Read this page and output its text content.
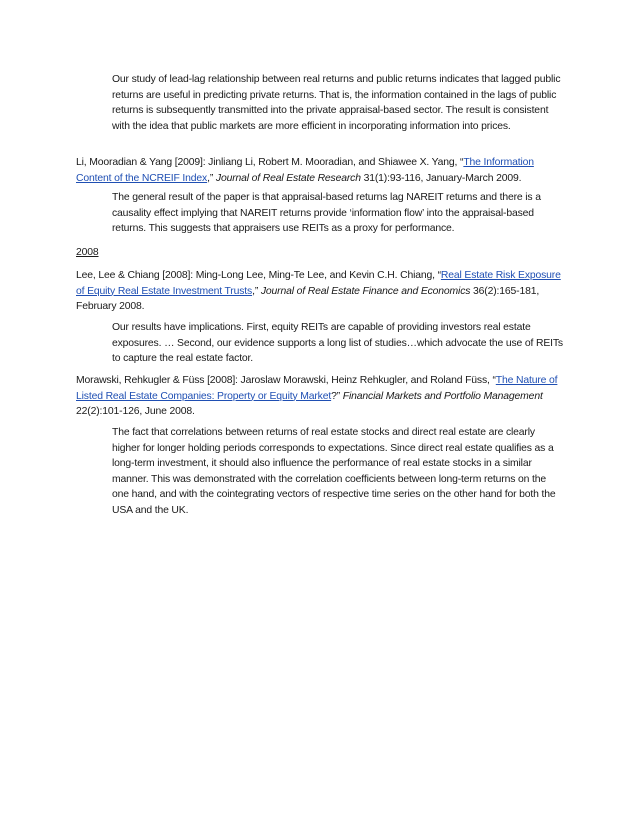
Our study of lead-lag relationship between real returns and public returns indicates that lagged public returns are useful in predicting private returns. That is, the information contained in the lags of public returns is subsequently transmitted into the private appraisal-based sector. The result is consistent with the idea that public markets are more efficient in incorporating information into prices.

Li, Mooradian & Yang [2009]: Jinliang Li, Robert M. Mooradian, and Shiawee X. Yang, “The Information Content of the NCREIF Index,” Journal of Real Estate Research 31(1):93-116, January-March 2009.

The general result of the paper is that appraisal-based returns lag NAREIT returns and there is a causality effect implying that NAREIT returns provide ‘information flow’ into the appraisal-based returns. This suggests that appraisers use REITs as a proxy for performance.

2008

Lee, Lee & Chiang [2008]: Ming-Long Lee, Ming-Te Lee, and Kevin C.H. Chiang, “Real Estate Risk Exposure of Equity Real Estate Investment Trusts,” Journal of Real Estate Finance and Economics 36(2):165-181, February 2008.

Our results have implications. First, equity REITs are capable of providing investors real estate exposures. … Second, our evidence supports a long list of studies…which advocate the use of REITs to capture the real estate factor.

Morawski, Rehkugler & Füss [2008]: Jaroslaw Morawski, Heinz Rehkugler, and Roland Füss, “The Nature of Listed Real Estate Companies: Property or Equity Market?” Financial Markets and Portfolio Management 22(2):101-126, June 2008.

The fact that correlations between returns of real estate stocks and direct real estate are clearly higher for longer holding periods corresponds to expectations. Since direct real estate qualifies as a long-term investment, it should also influence the performance of real estate stocks in a similar manner. This was demonstrated with the correlation coefficients between long-term returns on the one hand, and with the cointegrating vectors of respective time series on the other hand for both the USA and the UK.
